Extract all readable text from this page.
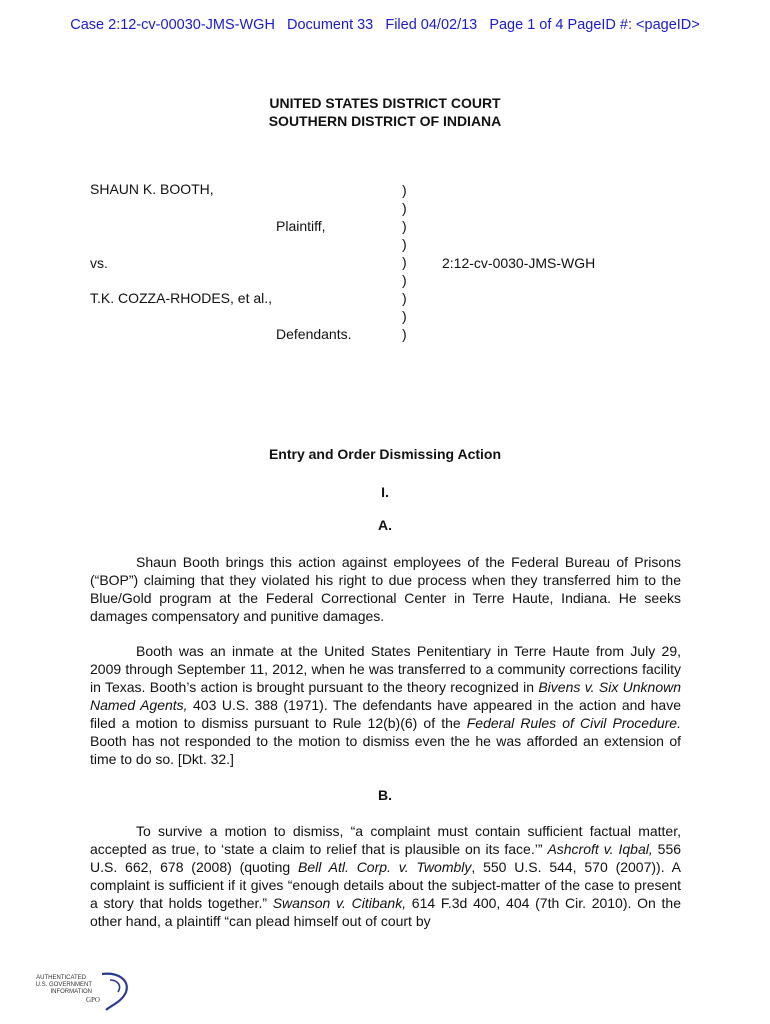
Case 2:12-cv-00030-JMS-WGH   Document 33   Filed 04/02/13   Page 1 of 4 PageID #: <pageID>
UNITED STATES DISTRICT COURT
SOUTHERN DISTRICT OF INDIANA
SHAUN K. BOOTH,
Plaintiff,
vs.	2:12-cv-0030-JMS-WGH
T.K. COZZA-RHODES, et al.,
Defendants.
)
)
)
)
)
)
)
)
)
Entry and Order Dismissing Action
I.
A.
Shaun Booth brings this action against employees of the Federal Bureau of Prisons (“BOP”) claiming that they violated his right to due process when they transferred him to the Blue/Gold program at the Federal Correctional Center in Terre Haute, Indiana. He seeks damages compensatory and punitive damages.
Booth was an inmate at the United States Penitentiary in Terre Haute from July 29, 2009 through September 11, 2012, when he was transferred to a community corrections facility in Texas. Booth’s action is brought pursuant to the theory recognized in Bivens v. Six Unknown Named Agents, 403 U.S. 388 (1971). The defendants have appeared in the action and have filed a motion to dismiss pursuant to Rule 12(b)(6) of the Federal Rules of Civil Procedure. Booth has not responded to the motion to dismiss even the he was afforded an extension of time to do so. [Dkt. 32.]
B.
To survive a motion to dismiss, “a complaint must contain sufficient factual matter, accepted as true, to ‘state a claim to relief that is plausible on its face.’” Ashcroft v. Iqbal, 556 U.S. 662, 678 (2008) (quoting Bell Atl. Corp. v. Twombly, 550 U.S. 544, 570 (2007)). A complaint is sufficient if it gives “enough details about the subject-matter of the case to present a story that holds together.” Swanson v. Citibank, 614 F.3d 400, 404 (7th Cir. 2010). On the other hand, a plaintiff “can plead himself out of court by
AUTHENTICATED
U.S. GOVERNMENT
INFORMATION
GPO
